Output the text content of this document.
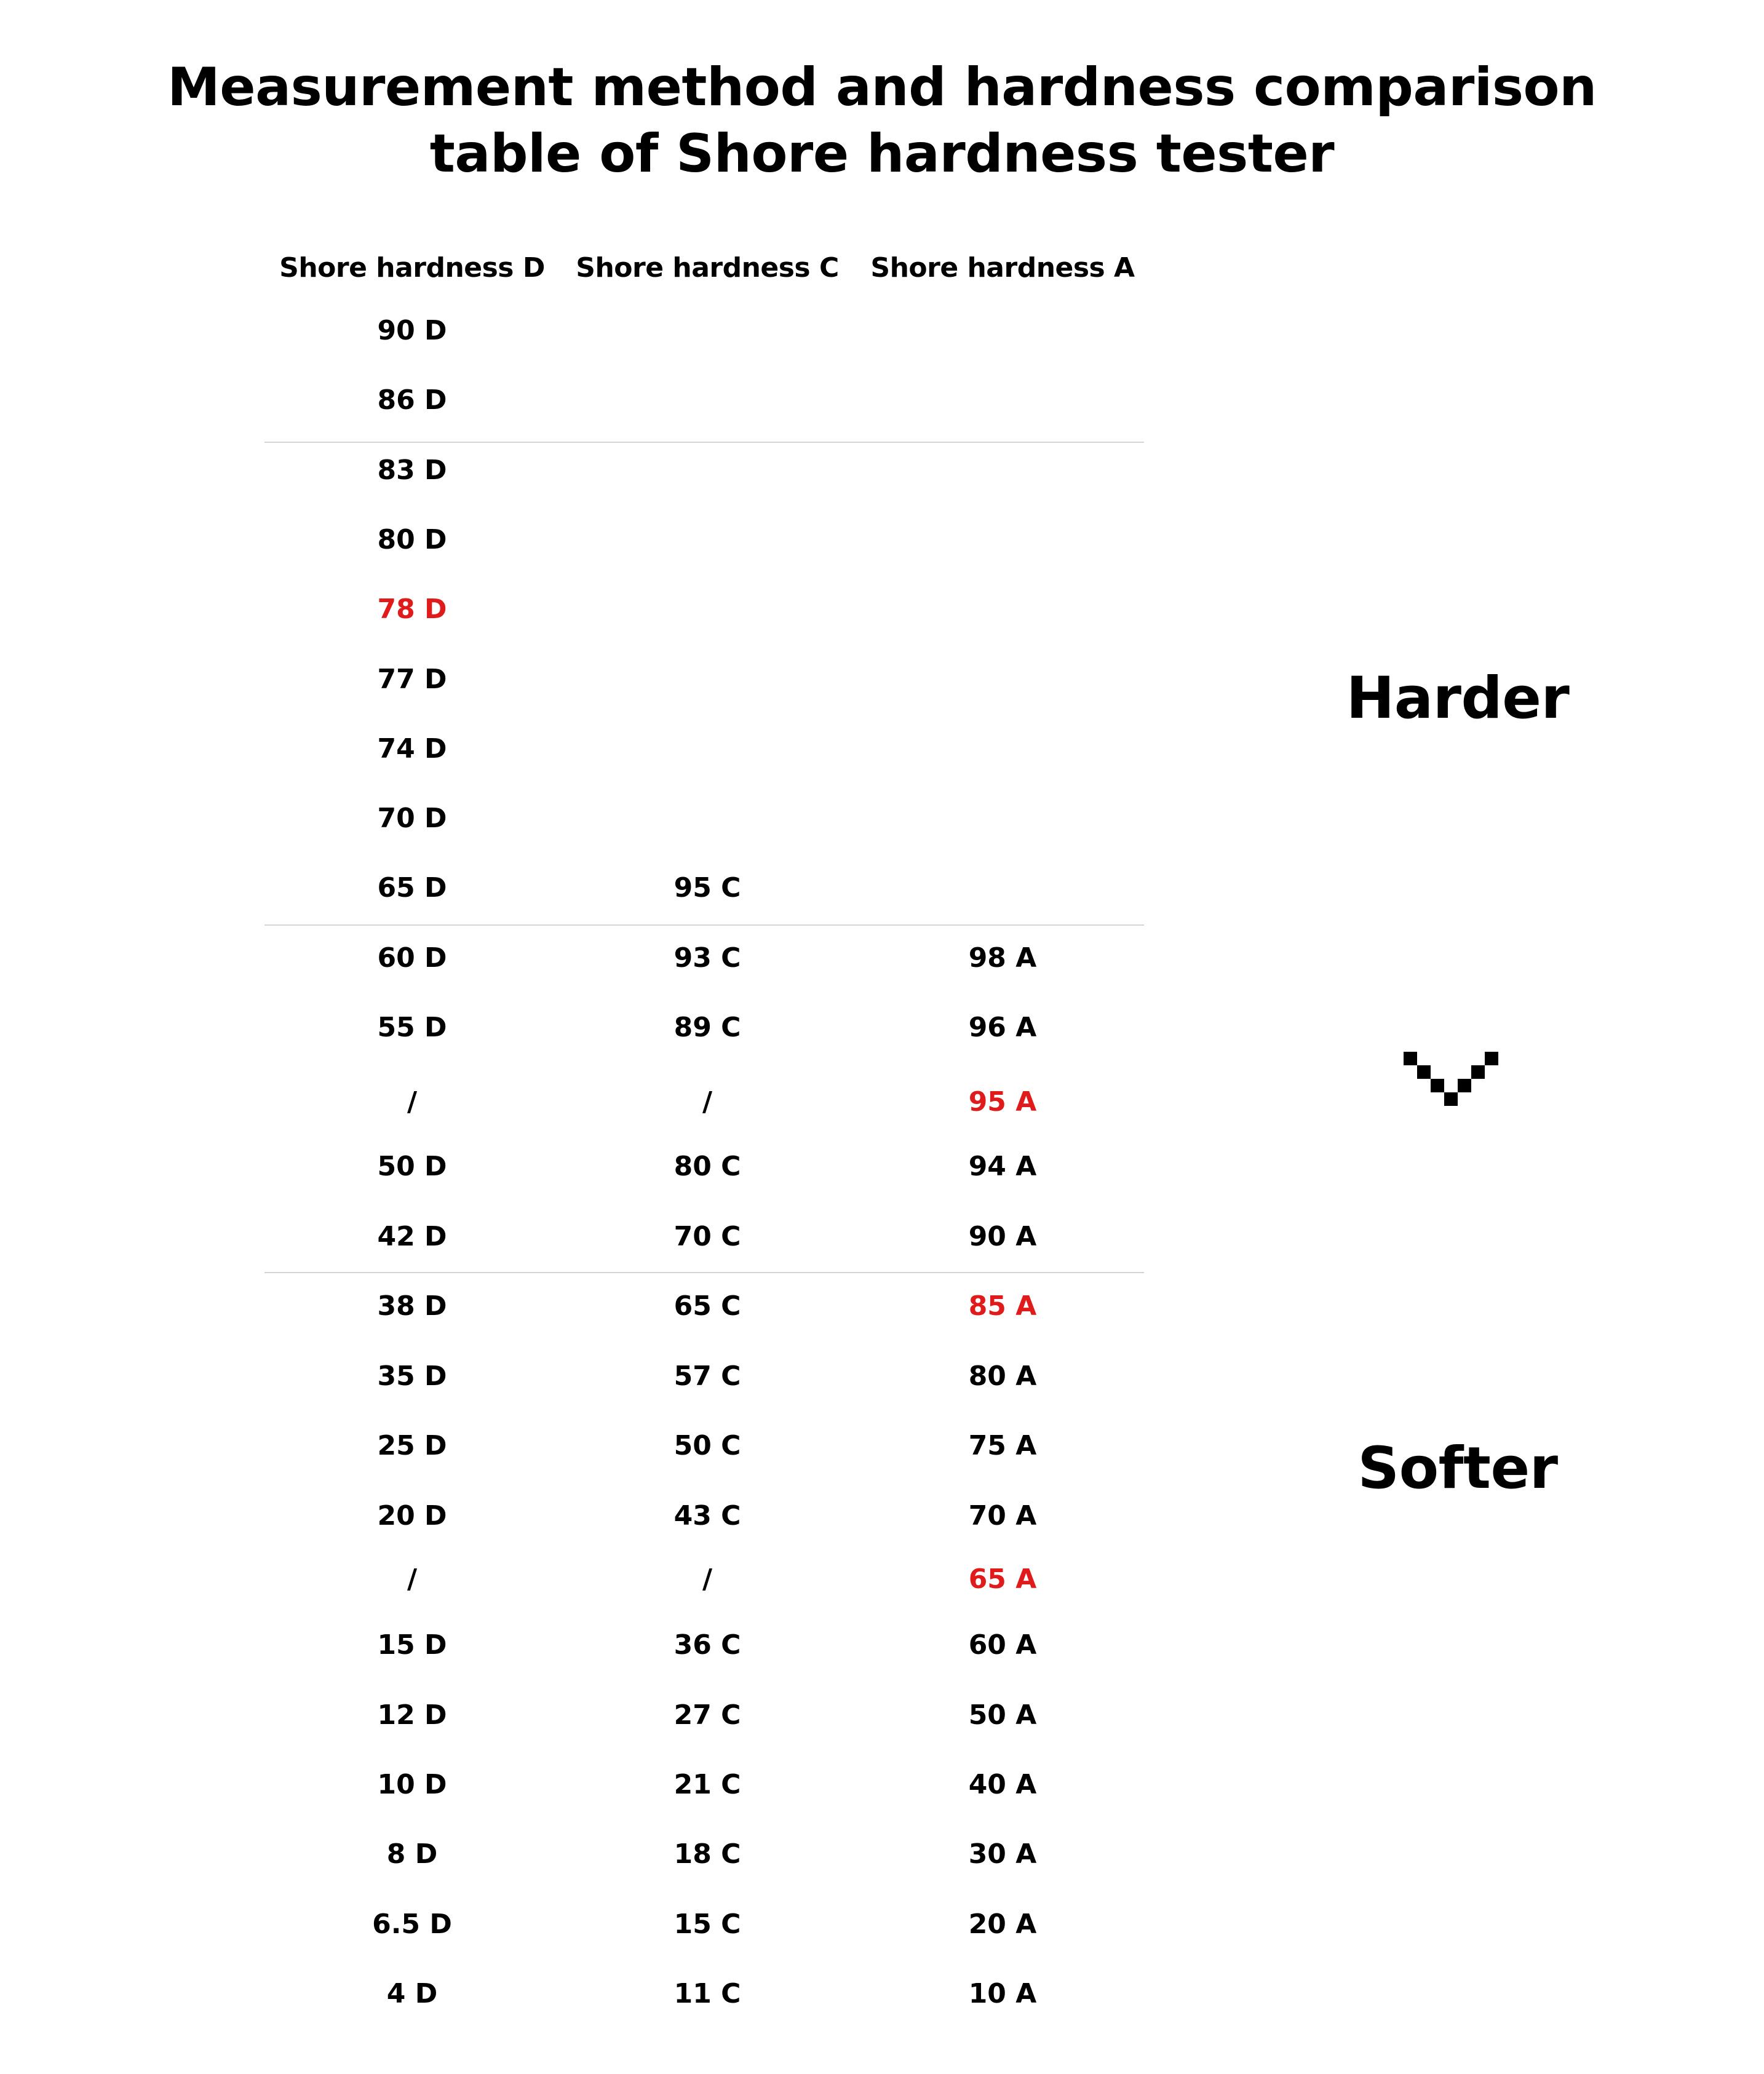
Measurement method and hardness comparison
table of Shore hardness tester
Shore hardness D	Shore hardness C	Shore hardness A
90 D
86 D
83 D
80 D
78 D
77 D
74 D
70 D
65 D	95 C
60 D	93 C	98 A
55 D	89 C	96 A
/	/	95 A
50 D	80 C	94 A
42 D	70 C	90 A
38 D	65 C	85 A
35 D	57 C	80 A
25 D	50 C	75 A
20 D	43 C	70 A
/	/	65 A
15 D	36 C	60 A
12 D	27 C	50 A
10 D	21 C	40 A
8 D	18 C	30 A
6.5 D	15 C	20 A
4 D	11 C	10 A
Harder
Softer
